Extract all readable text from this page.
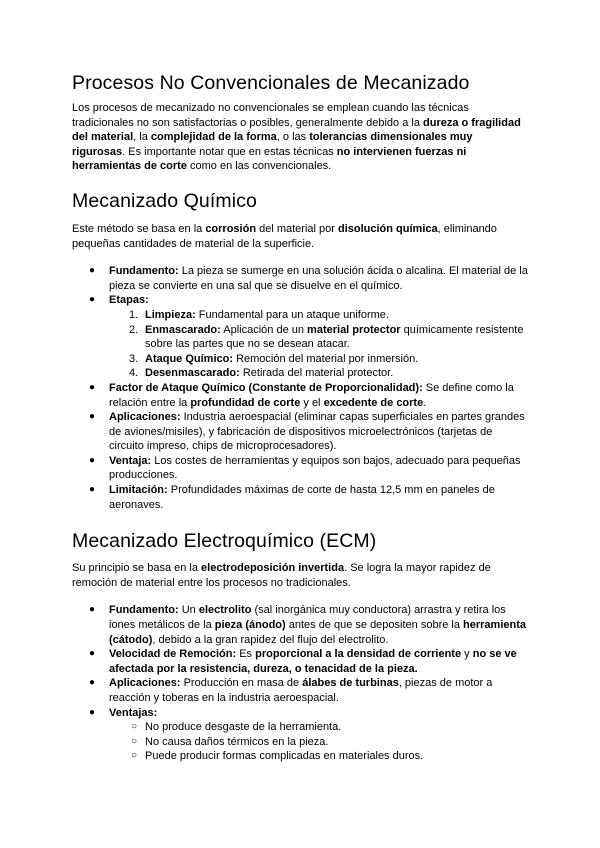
Procesos No Convencionales de Mecanizado

Los procesos de mecanizado no convencionales se emplean cuando las técnicas tradicionales no son satisfactorias o posibles, generalmente debido a la dureza o fragilidad del material, la complejidad de la forma, o las tolerancias dimensionales muy rigurosas. Es importante notar que en estas técnicas no intervienen fuerzas ni herramientas de corte como en las convencionales.

Mecanizado Químico

Este método se basa en la corrosión del material por disolución química, eliminando pequeñas cantidades de material de la superficie.

● Fundamento: La pieza se sumerge en una solución ácida o alcalina. El material de la pieza se convierte en una sal que se disuelve en el químico.
● Etapas:
1. Limpieza: Fundamental para un ataque uniforme.
2. Enmascarado: Aplicación de un material protector químicamente resistente sobre las partes que no se desean atacar.
3. Ataque Químico: Remoción del material por inmersión.
4. Desenmascarado: Retirada del material protector.
● Factor de Ataque Químico (Constante de Proporcionalidad): Se define como la relación entre la profundidad de corte y el excedente de corte.
● Aplicaciones: Industria aeroespacial (eliminar capas superficiales en partes grandes de aviones/misiles), y fabricación de dispositivos microelectrónicos (tarjetas de circuito impreso, chips de microprocesadores).
● Ventaja: Los costes de herramientas y equipos son bajos, adecuado para pequeñas producciones.
● Limitación: Profundidades máximas de corte de hasta 12,5 mm en paneles de aeronaves.
Mecanizado Electroquímico (ECM)

Su principio se basa en la electrodeposición invertida. Se logra la mayor rapidez de remoción de material entre los procesos no tradicionales.

● Fundamento: Un electrolito (sal inorgánica muy conductora) arrastra y retira los iones metálicos de la pieza (ánodo) antes de que se depositen sobre la herramienta (cátodo), debido a la gran rapidez del flujo del electrolito.
● Velocidad de Remoción: Es proporcional a la densidad de corriente y no se ve afectada por la resistencia, dureza, o tenacidad de la pieza.
● Aplicaciones: Producción en masa de álabes de turbinas, piezas de motor a reacción y toberas en la industria aeroespacial.
● Ventajas:
○ No produce desgaste de la herramienta.
○ No causa daños térmicos en la pieza.
○ Puede producir formas complicadas en materiales duros.
